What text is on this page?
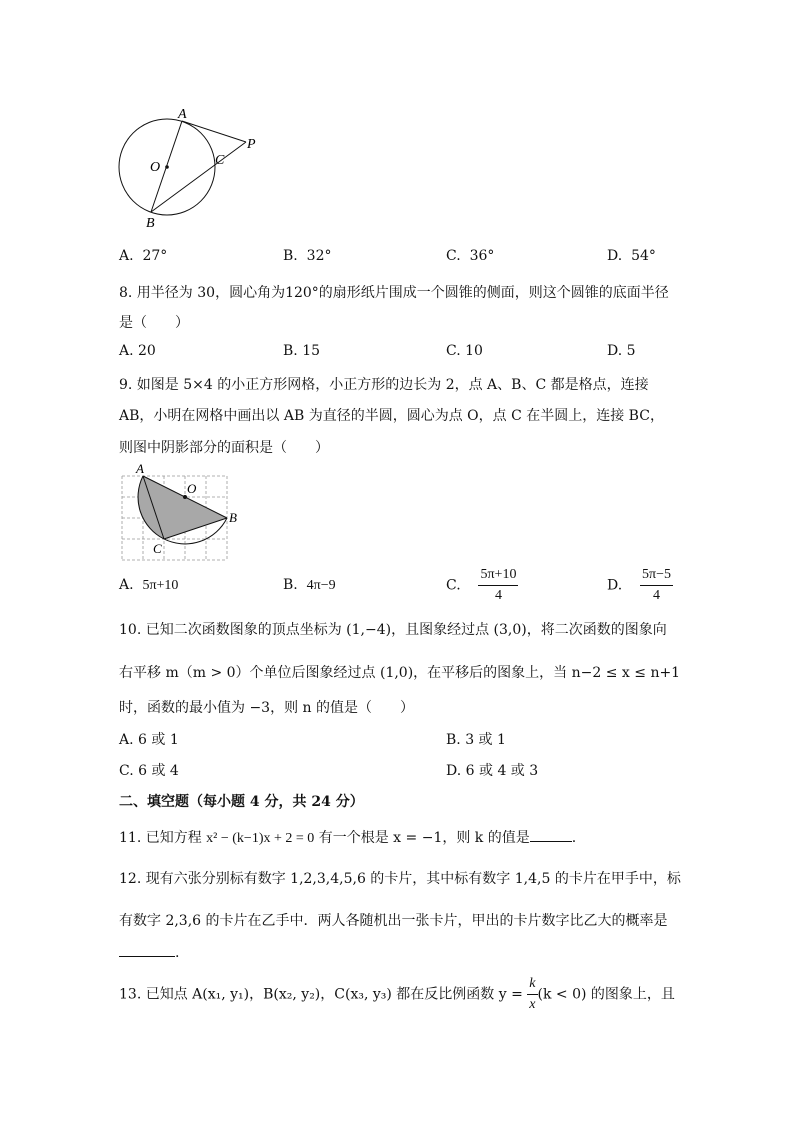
A
O	C
P
B
A. 27°	B. 32°	C. 36°	D. 54°
8. 用半径为 30，圆心角为120°的扇形纸片围成一个圆锥的侧面，则这个圆锥的底面半径
是（　　）
A. 20	B. 15	C. 10	D. 5
9. 如图是 5×4 的小正方形网格，小正方形的边长为 2，点 A、B、C 都是格点，连接
AB，小明在网格中画出以 AB 为直径的半圆，圆心为点 O，点 C 在半圆上，连接 BC，
则图中阴影部分的面积是（　　）
A
O
B
C
A. 5π+10	B. 4π−9	C. $\frac{5\pi+10}{4}$	D. $\frac{5\pi-5}{4}$
10. 已知二次函数图象的顶点坐标为 (1,−4)，且图象经过点 (3,0)，将二次函数的图象向
右平移 m（m > 0）个单位后图象经过点 (1,0)，在平移后的图象上，当 n−2 ≤ x ≤ n+1
时，函数的最小值为 −3，则 n 的值是（　　）
A. 6 或 1	B. 3 或 1
C. 6 或 4	D. 6 或 4 或 3
二、填空题（每小题 4 分，共 24 分）
11. 已知方程 x² − (k−1)x + 2 = 0 有一个根是 x = −1，则 k 的值是	.
12. 现有六张分别标有数字 1,2,3,4,5,6 的卡片，其中标有数字 1,4,5 的卡片在甲手中，标
有数字 2,3,6 的卡片在乙手中．两人各随机出一张卡片，甲出的卡片数字比乙大的概率是
.
13. 已知点 A(x₁, y₁)，B(x₂, y₂)，C(x₃, y₃) 都在反比例函数 $y = \frac{k}{x} (k < 0)$ 的图象上，且
